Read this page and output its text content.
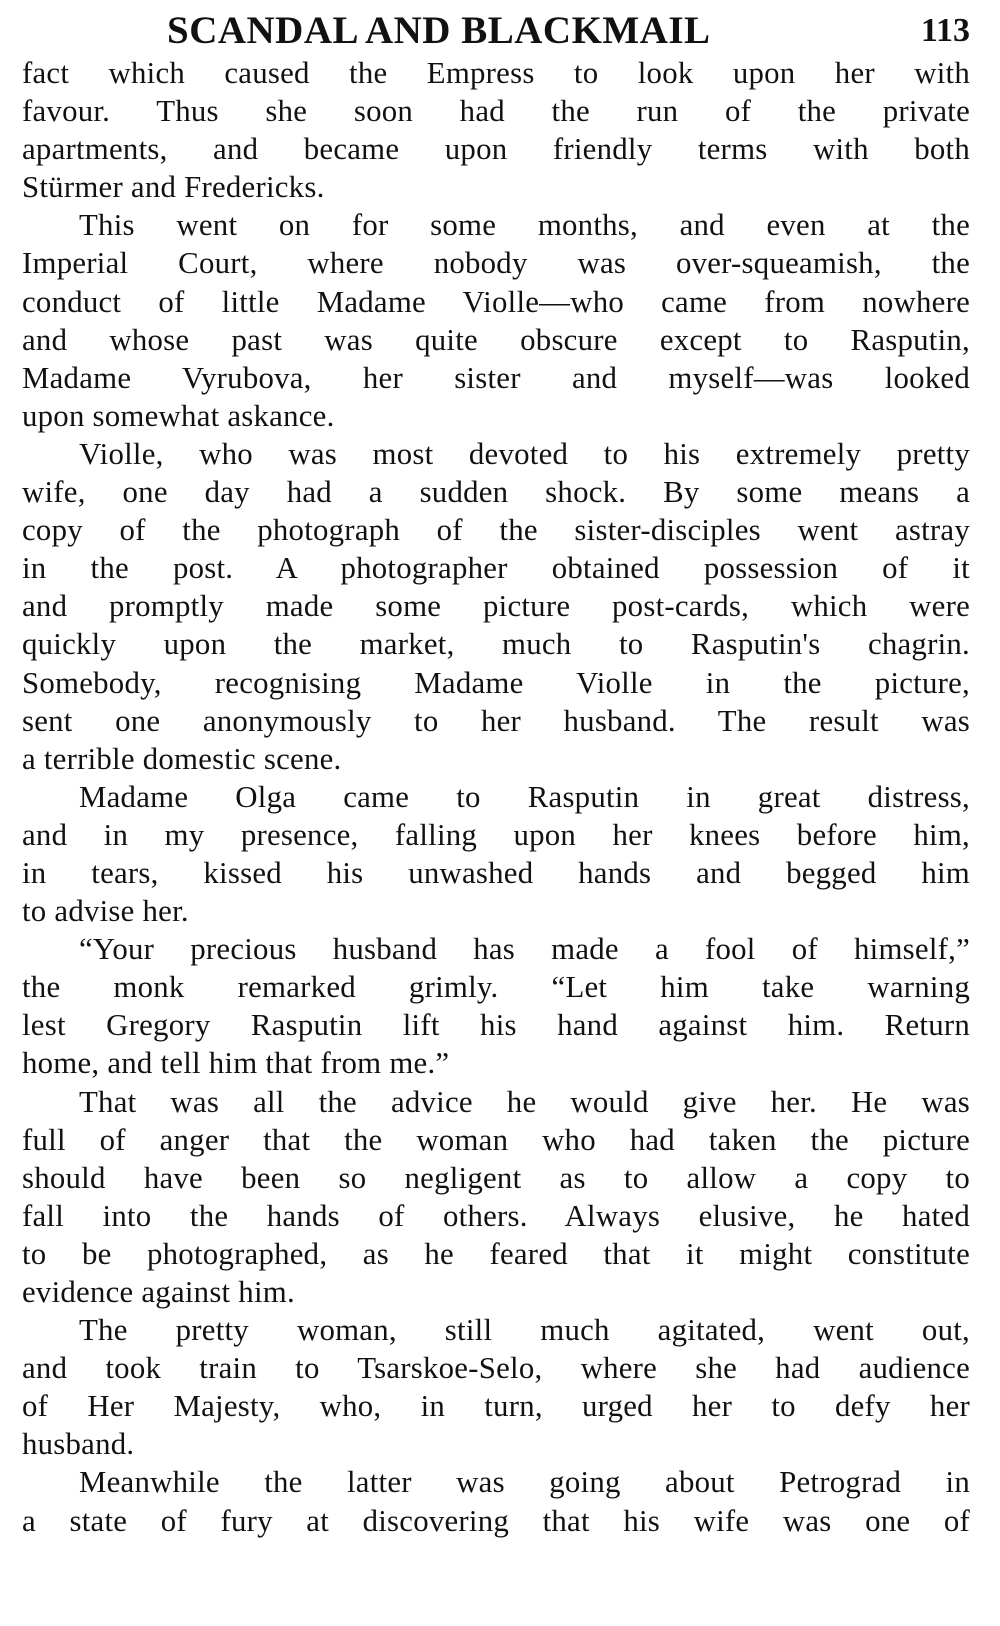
SCANDAL AND BLACKMAIL	113
fact which caused the Empress to look upon her with
favour. Thus she soon had the run of the private
apartments, and became upon friendly terms with both
Stürmer and Fredericks.
This went on for some months, and even at the
Imperial Court, where nobody was over-squeamish, the
conduct of little Madame Violle—who came from nowhere
and whose past was quite obscure except to Rasputin,
Madame Vyrubova, her sister and myself—was looked
upon somewhat askance.
Violle, who was most devoted to his extremely pretty
wife, one day had a sudden shock. By some means a
copy of the photograph of the sister-disciples went astray
in the post. A photographer obtained possession of it
and promptly made some picture post-cards, which were
quickly upon the market, much to Rasputin's chagrin.
Somebody, recognising Madame Violle in the picture,
sent one anonymously to her husband. The result was
a terrible domestic scene.
Madame Olga came to Rasputin in great distress,
and in my presence, falling upon her knees before him,
in tears, kissed his unwashed hands and begged him
to advise her.
“Your precious husband has made a fool of himself,”
the monk remarked grimly. “Let him take warning
lest Gregory Rasputin lift his hand against him. Return
home, and tell him that from me.”
That was all the advice he would give her. He was
full of anger that the woman who had taken the picture
should have been so negligent as to allow a copy to
fall into the hands of others. Always elusive, he hated
to be photographed, as he feared that it might constitute
evidence against him.
The pretty woman, still much agitated, went out,
and took train to Tsarskoe-Selo, where she had audience
of Her Majesty, who, in turn, urged her to defy her
husband.
Meanwhile the latter was going about Petrograd in
a state of fury at discovering that his wife was one of
